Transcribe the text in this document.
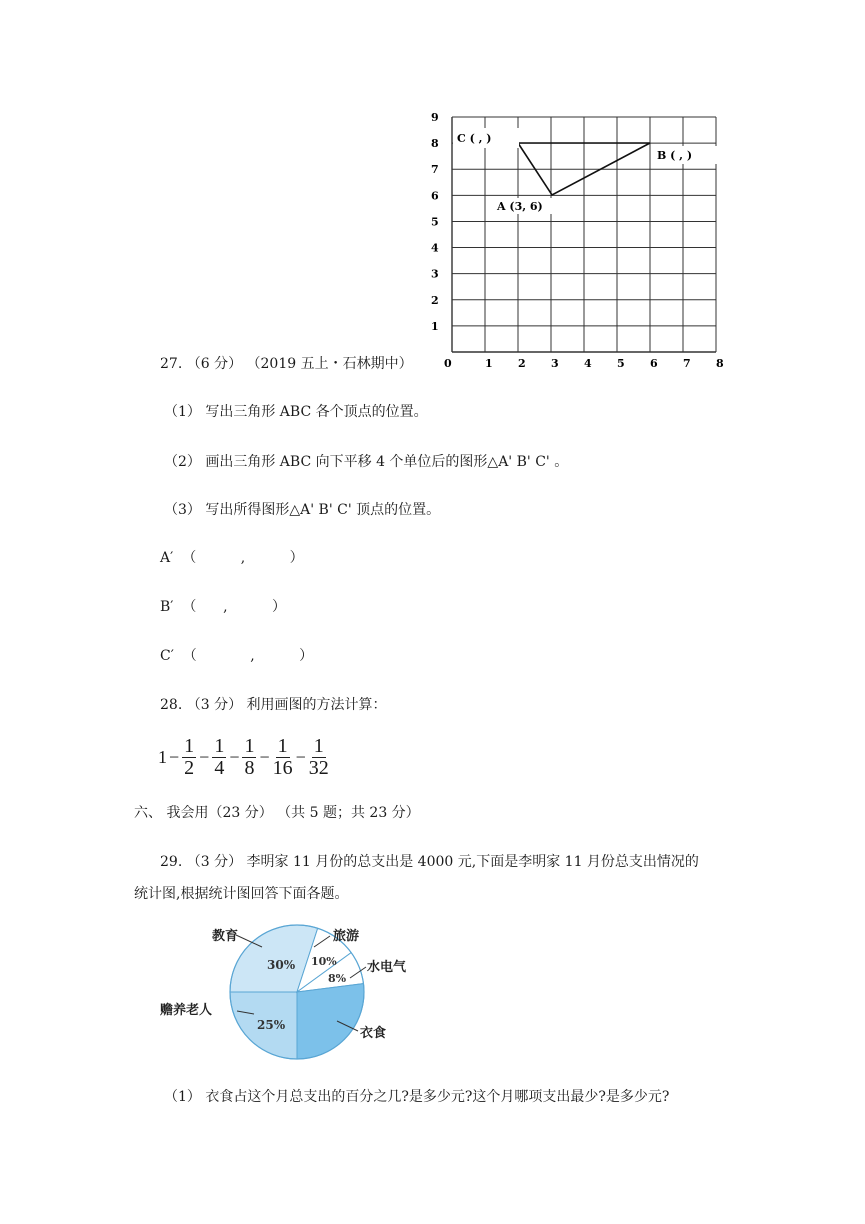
1
2
3
4
5
6
7
8
9
0	1 2 3 4 5 6 7 8
C ( , )
B ( , )
A (3, 6)
27. （6 分） （2019 五上・石林期中）
（1） 写出三角形 ABC 各个顶点的位置。
（2） 画出三角形 ABC 向下平移 4 个单位后的图形△A' B' C' 。
（3） 写出所得图形△A' B' C' 顶点的位置。
A′  （          ,          ）
B′  （      ,          ）
C′  （            ,          ）
28. （3 分） 利用画图的方法计算：
$1 - \frac{1}{2} - \frac{1}{4} - \frac{1}{8} - \frac{1}{16} - \frac{1}{32}$
六、 我会用（23 分） （共 5 题；共 23 分）
29. （3 分） 李明家 11 月份的总支出是 4000 元,下面是李明家 11 月份总支出情况的
统计图,根据统计图回答下面各题。
30% 10%
8%
25%
教育	旅游
水电气
衣食
赡养老人
（1） 衣食占这个月总支出的百分之几?是多少元?这个月哪项支出最少?是多少元?
